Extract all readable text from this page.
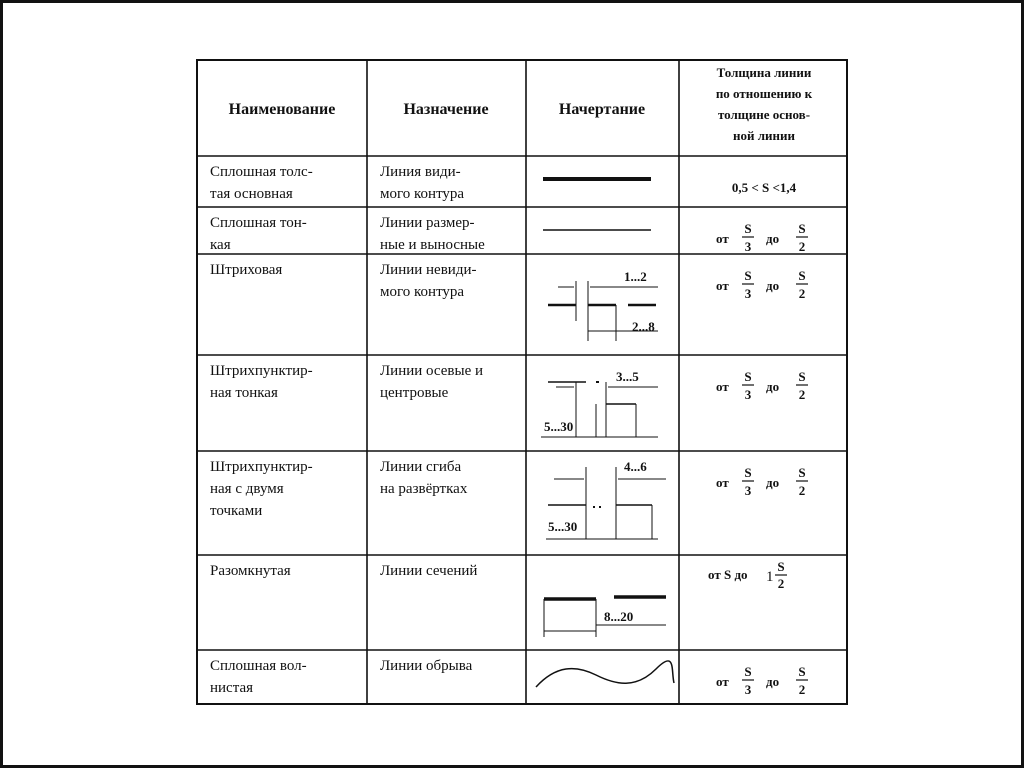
Наименование	Назначение	Начертание
Толщина линии
по отношению к
толщине основ-
ной линии
Сплошная толс-
тая основная
Сплошная тон-
кая
Штриховая
Штрихпунктир-
ная тонкая
Штрихпунктир-
ная с двумя
точками
Разомкнутая
Сплошная вол-
нистая
Линия види-
мого контура
Линии размер-
ные и выносные
Линии невиди-
мого контура
Линии осевые и
центровые
Линии сгиба
на развёртках
Линии сечений
Линии обрыва
0,5 < S <1,4
от
S
3
до
S
2
от
S
3
до
S
2
от
S
3
до
S
2
от
S
3
до
S
2
от S до 1
S
2
от
S
3
до
S
2
1...2
2...8
3...5
5...30
4...6
5...30
8...20
